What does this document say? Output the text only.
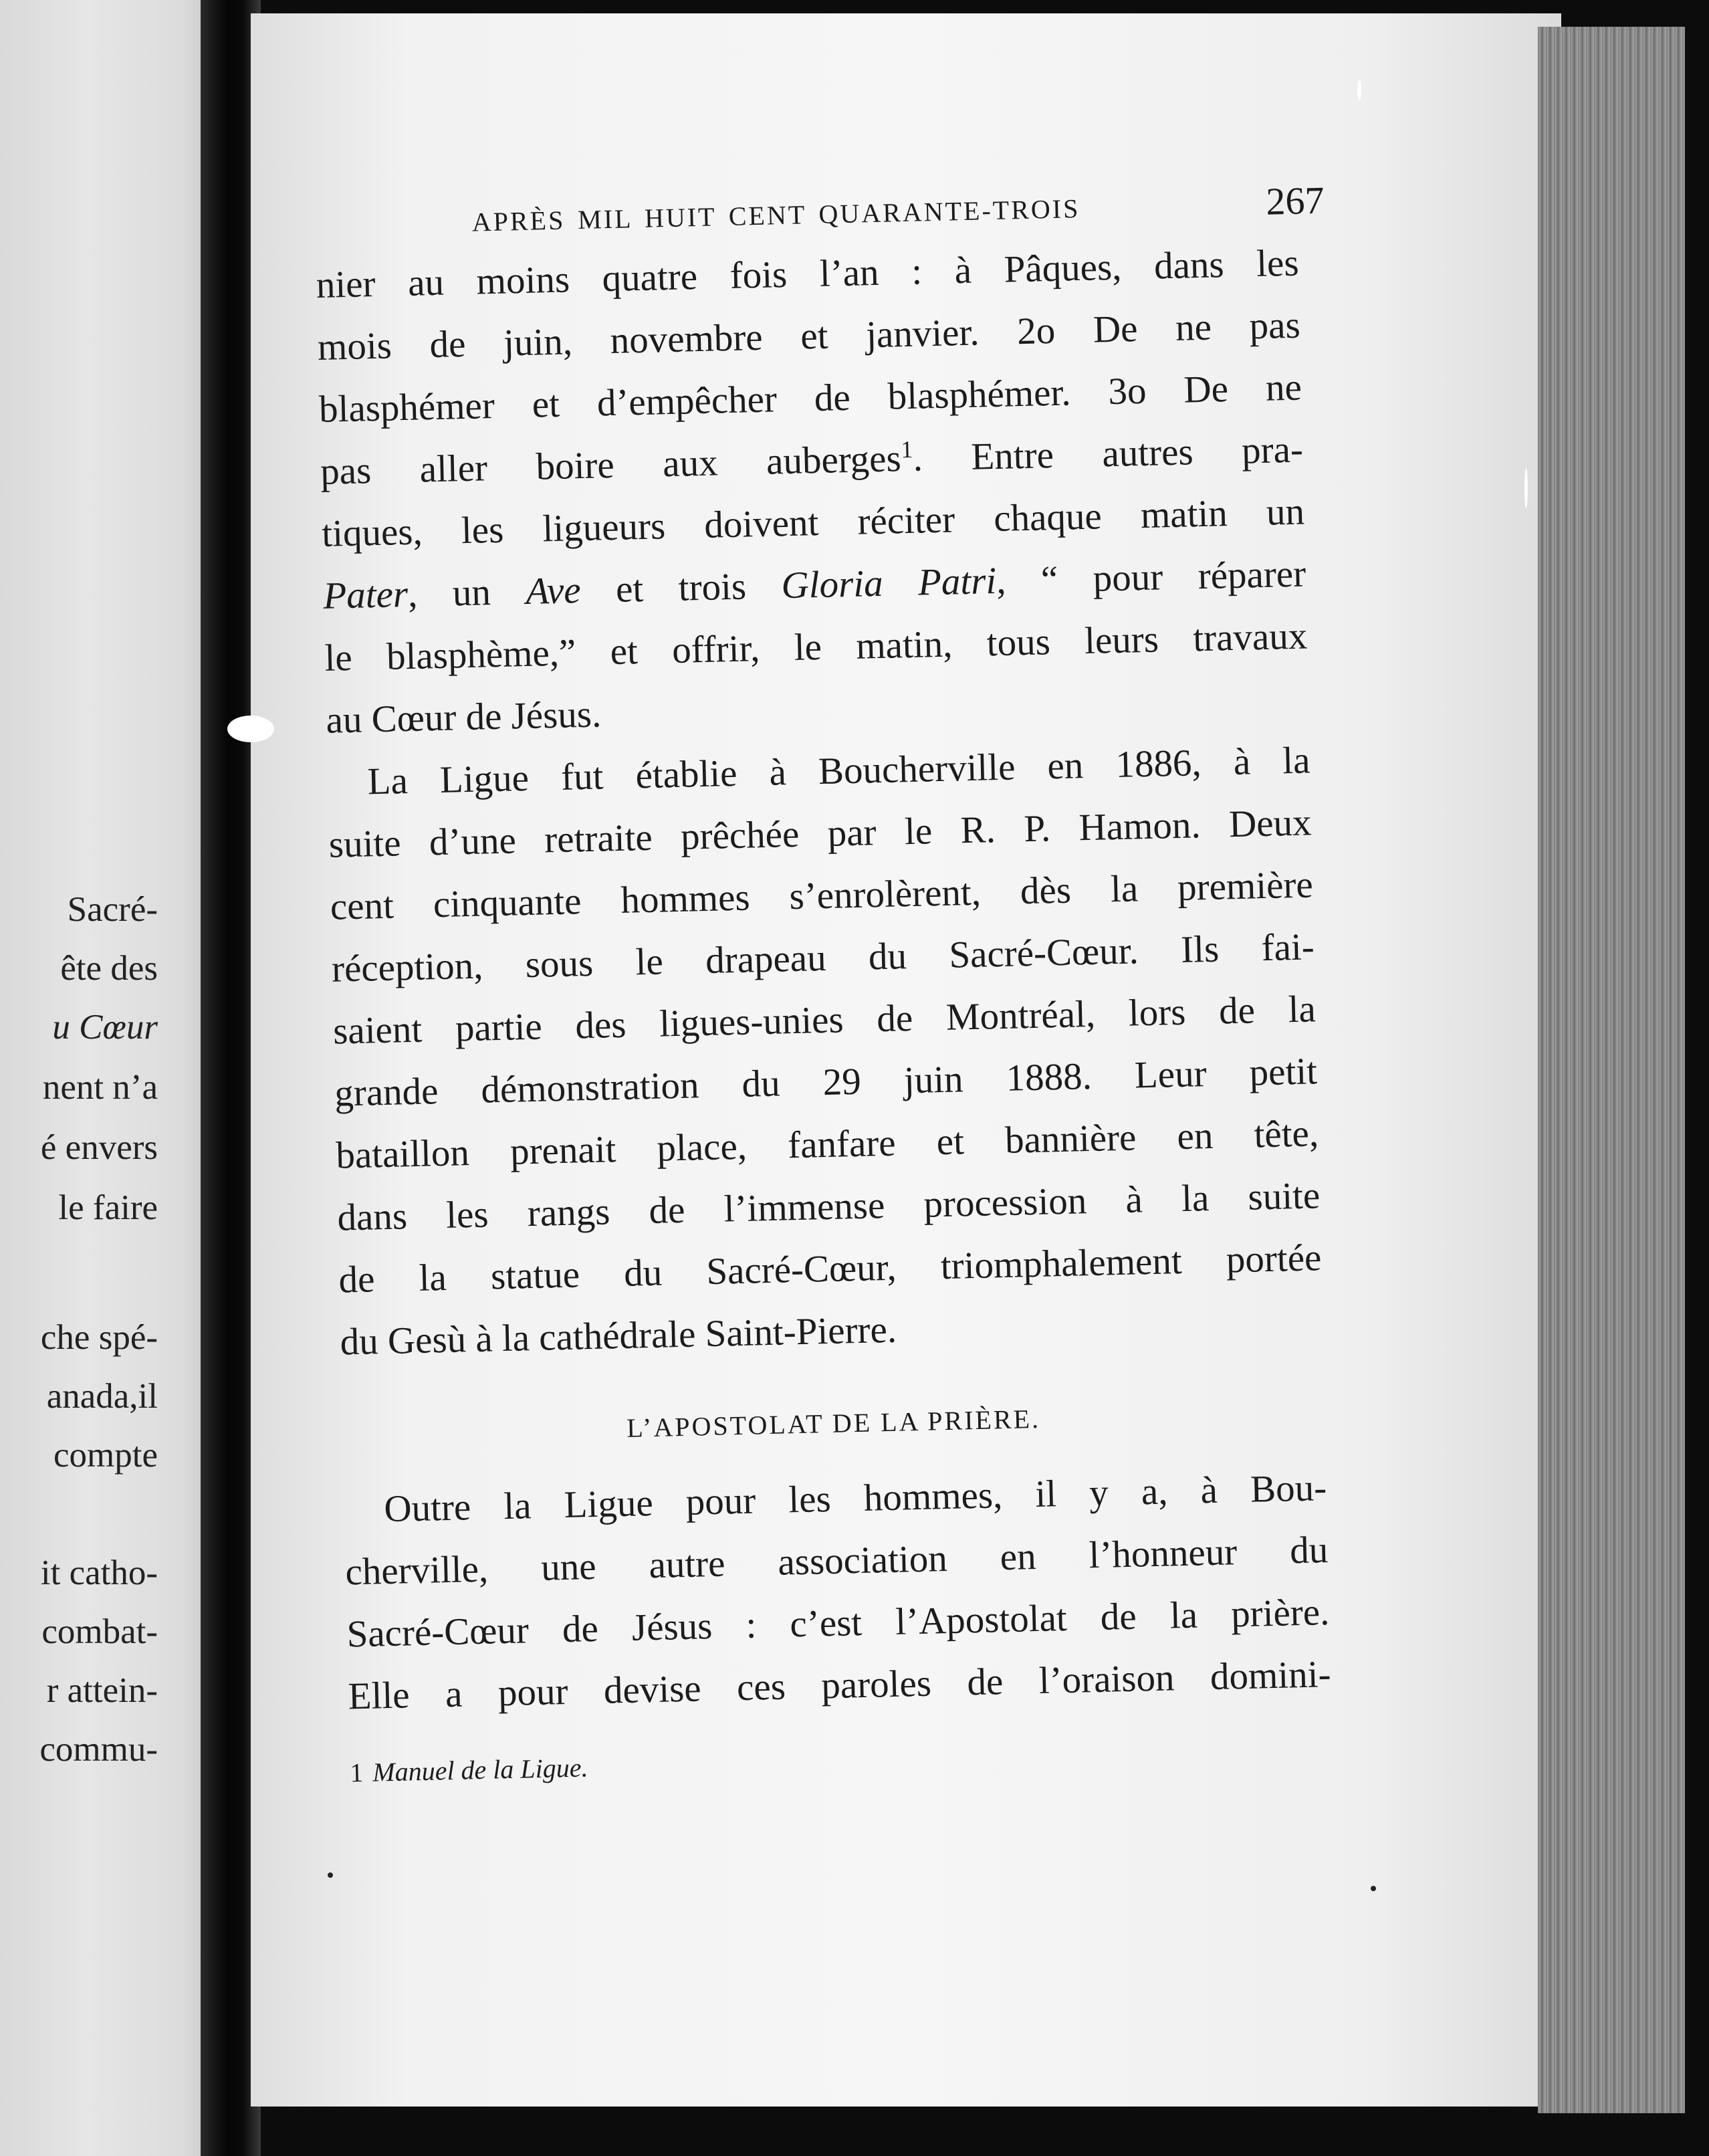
Sacré-
ête des
u Cœur
nent n’a
é envers
le faire
che spé-
anada,il
compte
it catho-
combat-
r attein-
commu-
APRÈS MIL HUIT CENT QUARANTE-TROIS	267

nier au moins quatre fois l’an : à Pâques, dans les
mois de juin, novembre et janvier. 2o De ne pas
blasphémer et d’empêcher de blasphémer. 3o De ne
pas aller boire aux auberges$^1$. Entre autres pra-
tiques, les ligueurs doivent réciter chaque matin un
Pater, un Ave et trois Gloria Patri, “ pour réparer
le blasphème,” et offrir, le matin, tous leurs travaux
au Cœur de Jésus.

La Ligue fut établie à Boucherville en 1886, à la
suite d’une retraite prêchée par le R. P. Hamon. Deux
cent cinquante hommes s’enrolèrent, dès la première
réception, sous le drapeau du Sacré-Cœur. Ils fai-
saient partie des ligues-unies de Montréal, lors de la
grande démonstration du 29 juin 1888. Leur petit
bataillon prenait place, fanfare et bannière en tête,
dans les rangs de l’immense procession à la suite
de la statue du Sacré-Cœur, triomphalement portée
du Gesù à la cathédrale Saint-Pierre.

L’APOSTOLAT DE LA PRIÈRE.

Outre la Ligue pour les hommes, il y a, à Bou-
cherville, une autre association en l’honneur du
Sacré-Cœur de Jésus : c’est l’Apostolat de la prière.
Elle a pour devise ces paroles de l’oraison domini-

1 Manuel de la Ligue.
